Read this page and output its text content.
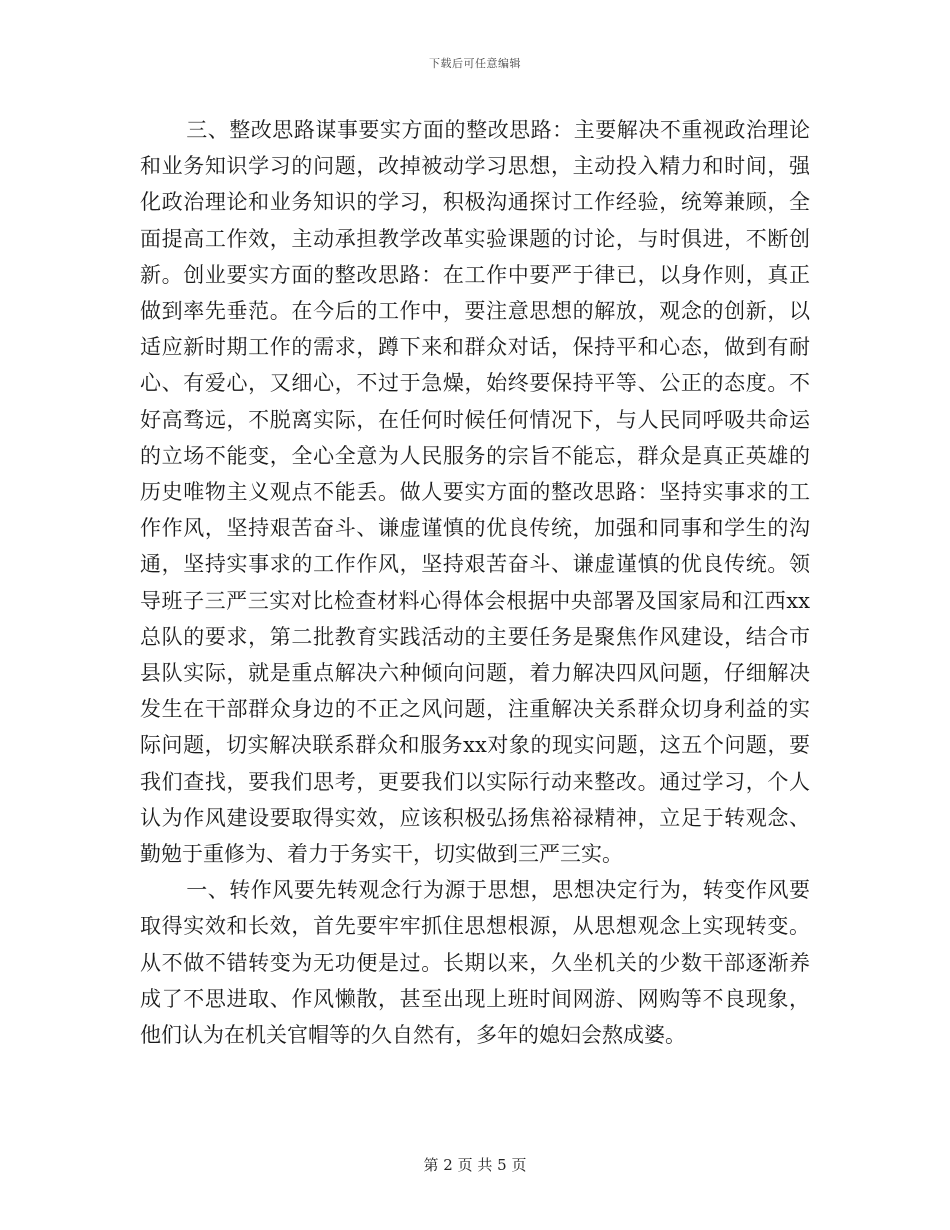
下载后可任意编辑

三、整改思路谋事要实方面的整改思路：主要解决不重视政治理论和业务知识学习的问题，改掉被动学习思想，主动投入精力和时间，强化政治理论和业务知识的学习，积极沟通探讨工作经验，统筹兼顾，全面提高工作效，主动承担教学改革实验课题的讨论，与时俱进，不断创新。创业要实方面的整改思路：在工作中要严于律已，以身作则，真正做到率先垂范。在今后的工作中，要注意思想的解放，观念的创新，以适应新时期工作的需求，蹲下来和群众对话，保持平和心态，做到有耐心、有爱心，又细心，不过于急燥，始终要保持平等、公正的态度。不好高骛远，不脱离实际，在任何时候任何情况下，与人民同呼吸共命运的立场不能变，全心全意为人民服务的宗旨不能忘，群众是真正英雄的历史唯物主义观点不能丢。做人要实方面的整改思路：坚持实事求的工作作风，坚持艰苦奋斗、谦虚谨慎的优良传统，加强和同事和学生的沟通，坚持实事求的工作作风，坚持艰苦奋斗、谦虚谨慎的优良传统。领导班子三严三实对比检查材料心得体会根据中央部署及国家局和江西xx总队的要求，第二批教育实践活动的主要任务是聚焦作风建设，结合市县队实际，就是重点解决六种倾向问题，着力解决四风问题，仔细解决发生在干部群众身边的不正之风问题，注重解决关系群众切身利益的实际问题，切实解决联系群众和服务xx对象的现实问题，这五个问题，要我们查找，要我们思考，更要我们以实际行动来整改。通过学习，个人认为作风建设要取得实效，应该积极弘扬焦裕禄精神，立足于转观念、勤勉于重修为、着力于务实干，切实做到三严三实。

一、转作风要先转观念行为源于思想，思想决定行为，转变作风要取得实效和长效，首先要牢牢抓住思想根源，从思想观念上实现转变。从不做不错转变为无功便是过。长期以来，久坐机关的少数干部逐渐养成了不思进取、作风懒散，甚至出现上班时间网游、网购等不良现象，他们认为在机关官帽等的久自然有，多年的媳妇会熬成婆。

第 2 页 共 5 页
